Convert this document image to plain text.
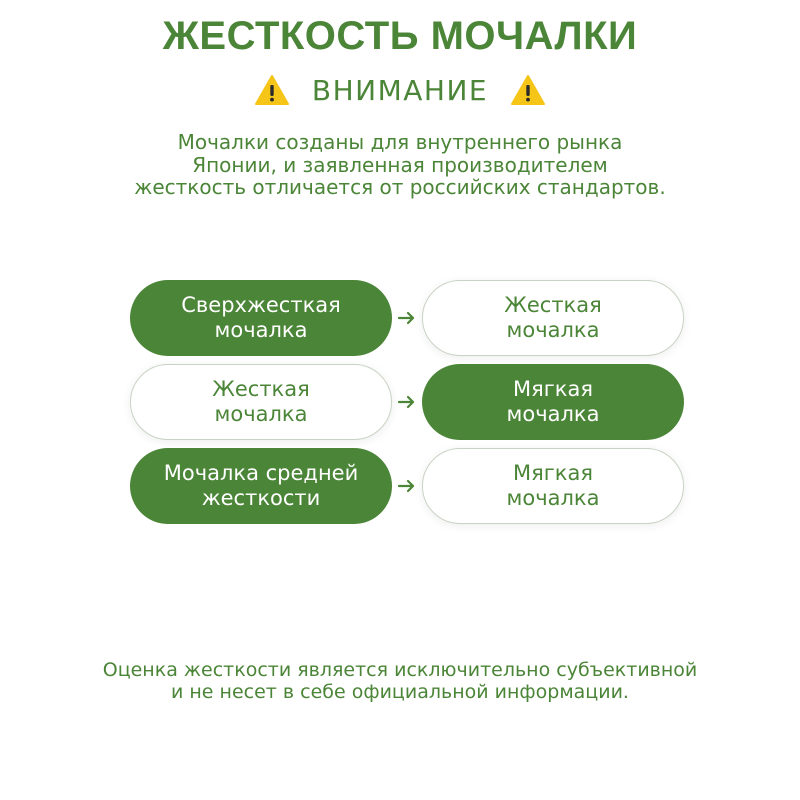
ЖЕСТКОСТЬ МОЧАЛКИ
ВНИМАНИЕ
Мочалки созданы для внутреннего рынка
Японии, и заявленная производителем
жесткость отличается от российских стандартов.
Сверхжесткая
мочалка
Жесткая
мочалка
Жесткая
мочалка
Мягкая
мочалка
Мочалка средней
жесткости
Мягкая
мочалка
Оценка жесткости является исключительно субъективной
и не несет в себе официальной информации.
